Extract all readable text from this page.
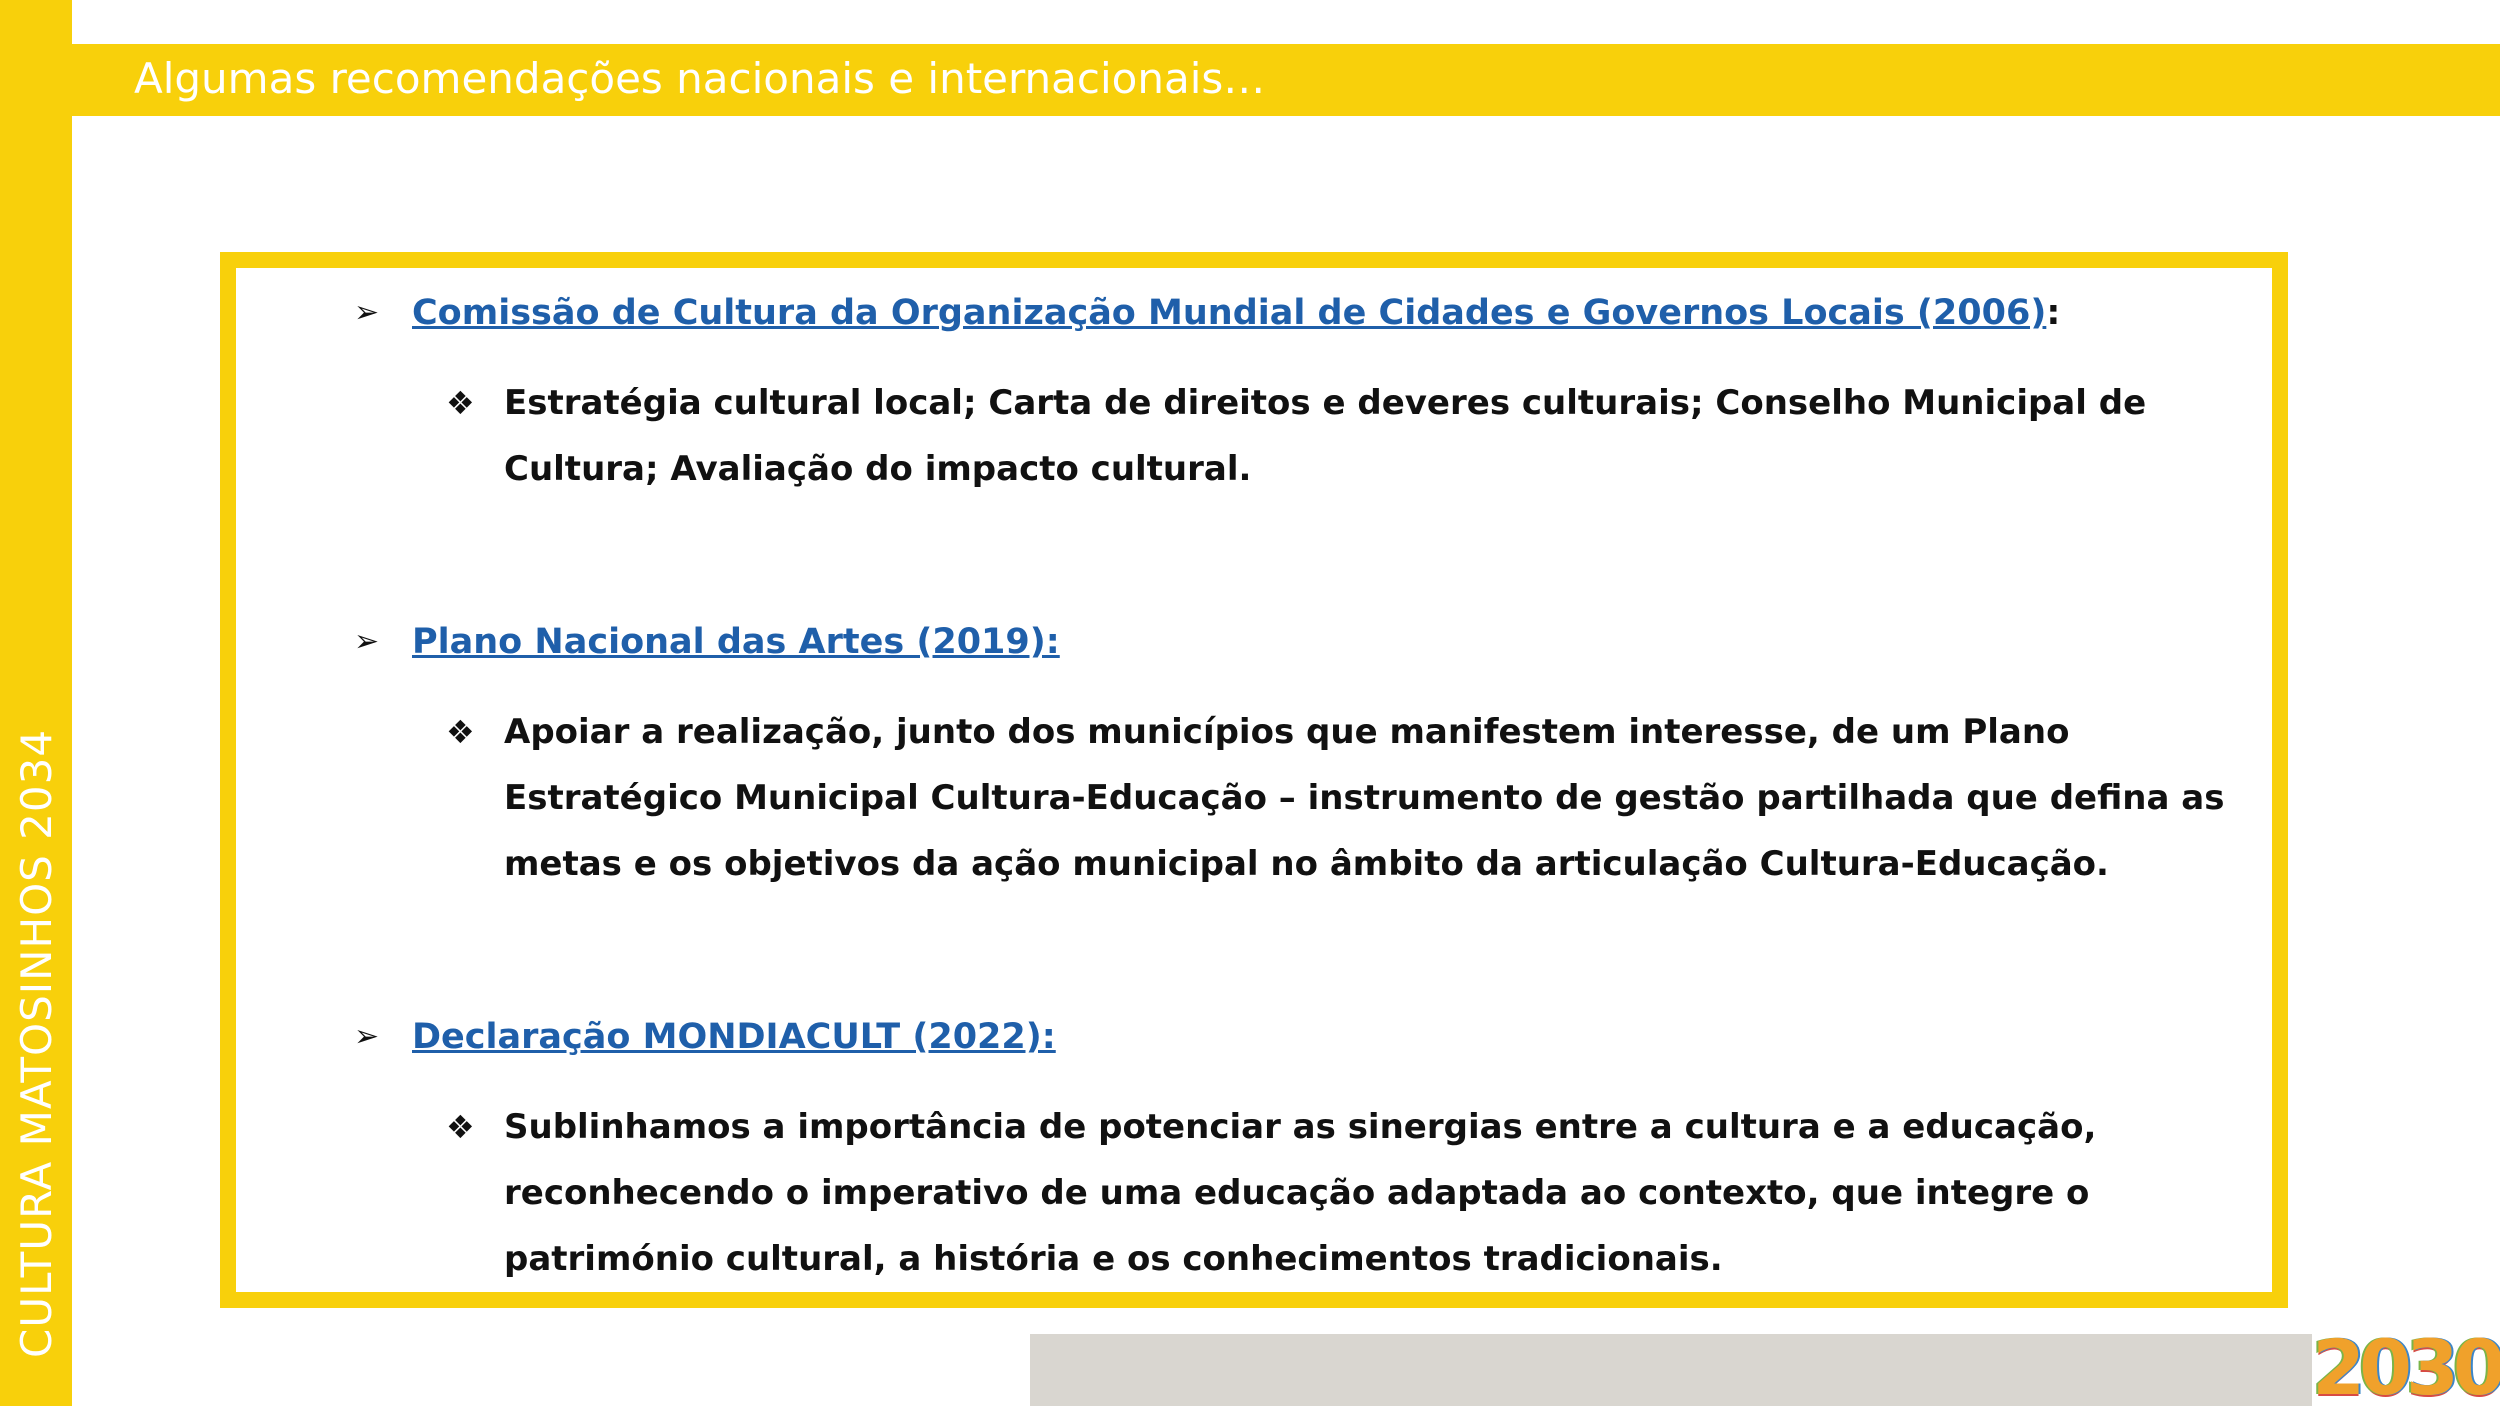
CULTURA MATOSINHOS 2034
Algumas recomendações nacionais e internacionais…
➢ Comissão de Cultura da Organização Mundial de Cidades e Governos Locais (2006) :
❖ Estratégia cultural local; Carta de direitos e deveres culturais; Conselho Municipal de Cultura; Avaliação do impacto cultural.
➢ Plano Nacional das Artes (2019):
❖ Apoiar a realização, junto dos municípios que manifestem interesse, de um Plano Estratégico Municipal Cultura-Educação – instrumento de gestão partilhada que defina as metas e os objetivos da ação municipal no âmbito da articulação Cultura-Educação.
➢ Declaração MONDIACULT (2022):
❖ Sublinhamos a importância de potenciar as sinergias entre a cultura e a educação, reconhecendo o imperativo de uma educação adaptada ao contexto, que integre o património cultural, a história e os conhecimentos tradicionais.
2030
